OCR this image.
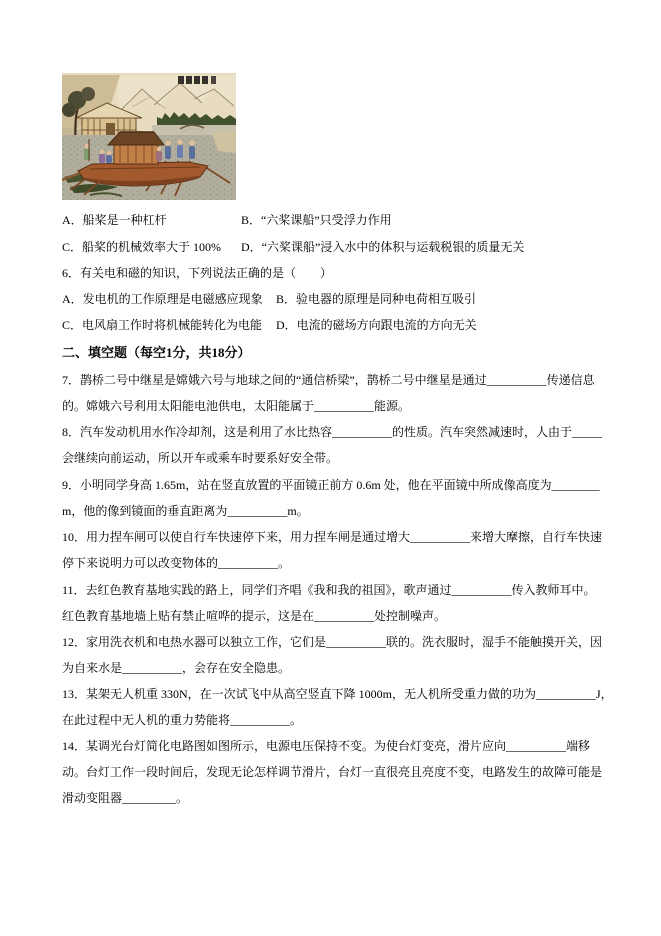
A．船桨是一种杠杆	B．“六桨课船”只受浮力作用
C．船桨的机械效率大于 100%	D．“六桨课船”浸入水中的体积与运载税银的质量无关
6．有关电和磁的知识，下列说法正确的是（　　）
A．发电机的工作原理是电磁感应现象	B．验电器的原理是同种电荷相互吸引
C．电风扇工作时将机械能转化为电能	D．电流的磁场方向跟电流的方向无关
二、填空题（每空1分，共18分）
7．鹊桥二号中继星是嫦娥六号与地球之间的“通信桥梁”，鹊桥二号中继星是通过__________传递信息
的。嫦娥六号利用太阳能电池供电，太阳能属于__________能源。
8．汽车发动机用水作冷却剂，这是利用了水比热容__________的性质。汽车突然减速时，人由于_____
会继续向前运动，所以开车或乘车时要系好安全带。
9．小明同学身高 1.65m，站在竖直放置的平面镜正前方 0.6m 处，他在平面镜中所成像高度为________
m，他的像到镜面的垂直距离为__________m。
10．用力捏车闸可以使自行车快速停下来，用力捏车闸是通过增大__________来增大摩擦，自行车快速
停下来说明力可以改变物体的__________。
11．去红色教育基地实践的路上，同学们齐唱《我和我的祖国》，歌声通过__________传入教师耳中。
红色教育基地墙上贴有禁止喧哗的提示，这是在__________处控制噪声。
12．家用洗衣机和电热水器可以独立工作，它们是__________联的。洗衣服时，湿手不能触摸开关，因
为自来水是__________，会存在安全隐患。
13．某架无人机重 330N，在一次试飞中从高空竖直下降 1000m，无人机所受重力做的功为__________J，
在此过程中无人机的重力势能将__________。
14．某调光台灯简化电路图如图所示，电源电压保持不变。为使台灯变亮，滑片应向__________端移
动。台灯工作一段时间后，发现无论怎样调节滑片，台灯一直很亮且亮度不变，电路发生的故障可能是
滑动变阻器_________。
